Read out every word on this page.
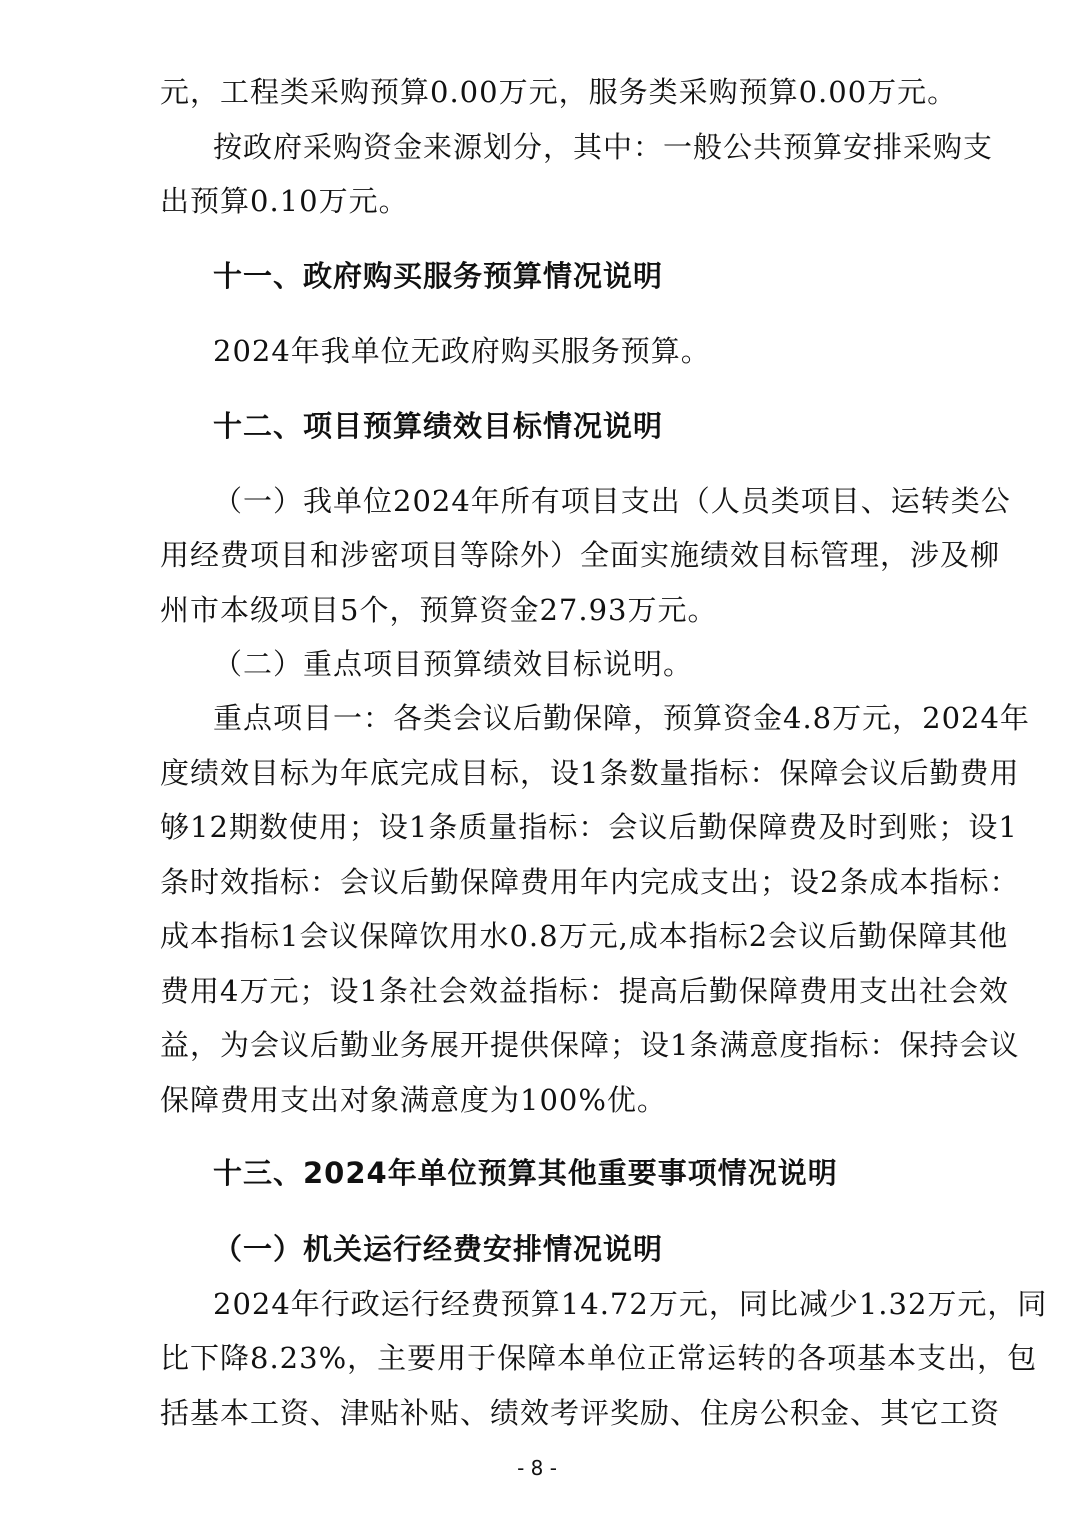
元，工程类采购预算0.00万元，服务类采购预算0.00万元。
按政府采购资金来源划分，其中：一般公共预算安排采购支
出预算0.10万元。
十一、政府购买服务预算情况说明
2024年我单位无政府购买服务预算。
十二、项目预算绩效目标情况说明
（一）我单位2024年所有项目支出（人员类项目、运转类公
用经费项目和涉密项目等除外）全面实施绩效目标管理，涉及柳
州市本级项目5个，预算资金27.93万元。
（二）重点项目预算绩效目标说明。
重点项目一：各类会议后勤保障，预算资金4.8万元，2024年
度绩效目标为年底完成目标，设1条数量指标：保障会议后勤费用
够12期数使用；设1条质量指标：会议后勤保障费及时到账；设1
条时效指标：会议后勤保障费用年内完成支出；设2条成本指标：
成本指标1会议保障饮用水0.8万元,成本指标2会议后勤保障其他
费用4万元；设1条社会效益指标：提高后勤保障费用支出社会效
益，为会议后勤业务展开提供保障；设1条满意度指标：保持会议
保障费用支出对象满意度为100%优。
十三、2024年单位预算其他重要事项情况说明
（一）机关运行经费安排情况说明
2024年行政运行经费预算14.72万元，同比减少1.32万元，同
比下降8.23%，主要用于保障本单位正常运转的各项基本支出，包
括基本工资、津贴补贴、绩效考评奖励、住房公积金、其它工资
- 8 -
